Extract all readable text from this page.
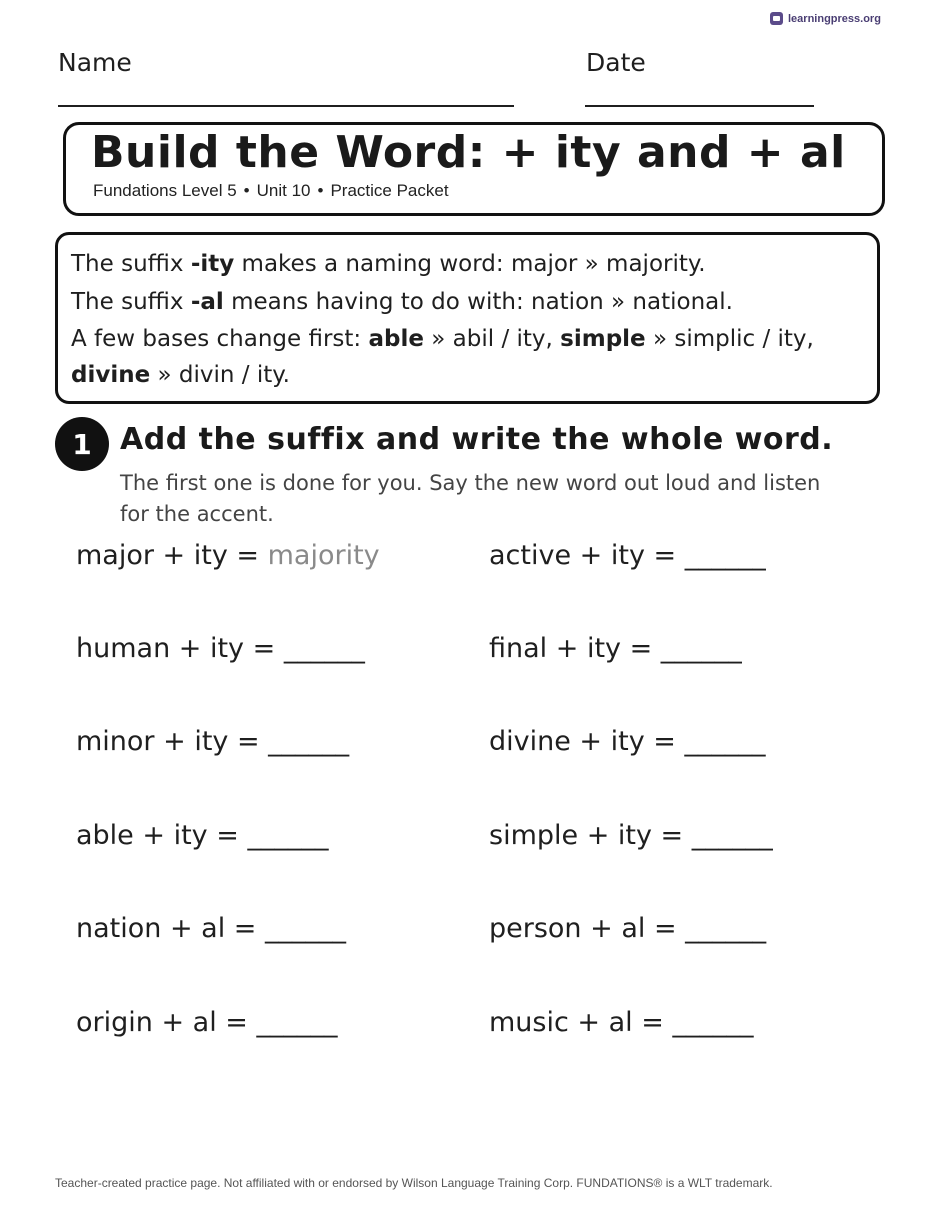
learningpress.org
Name	Date
Build the Word: + ity and + al
Fundations Level 5 • Unit 10 • Practice Packet

The suffix -ity makes a naming word: major » majority.

The suffix -al means having to do with: nation » national.

A few bases change first: able » abil / ity, simple » simplic / ity, divine » divin / ity.

1 Add the suffix and write the whole word.
The first one is done for you. Say the new word out loud and listen for the accent.
major + ity = majority	active + ity = ______
human + ity = ______	final + ity = ______
minor + ity = ______	divine + ity = ______
able + ity = ______	simple + ity = ______
nation + al = ______	person + al = ______
origin + al = ______	music + al = ______
Teacher-created practice page. Not affiliated with or endorsed by Wilson Language Training Corp. FUNDATIONS® is a WLT trademark.
